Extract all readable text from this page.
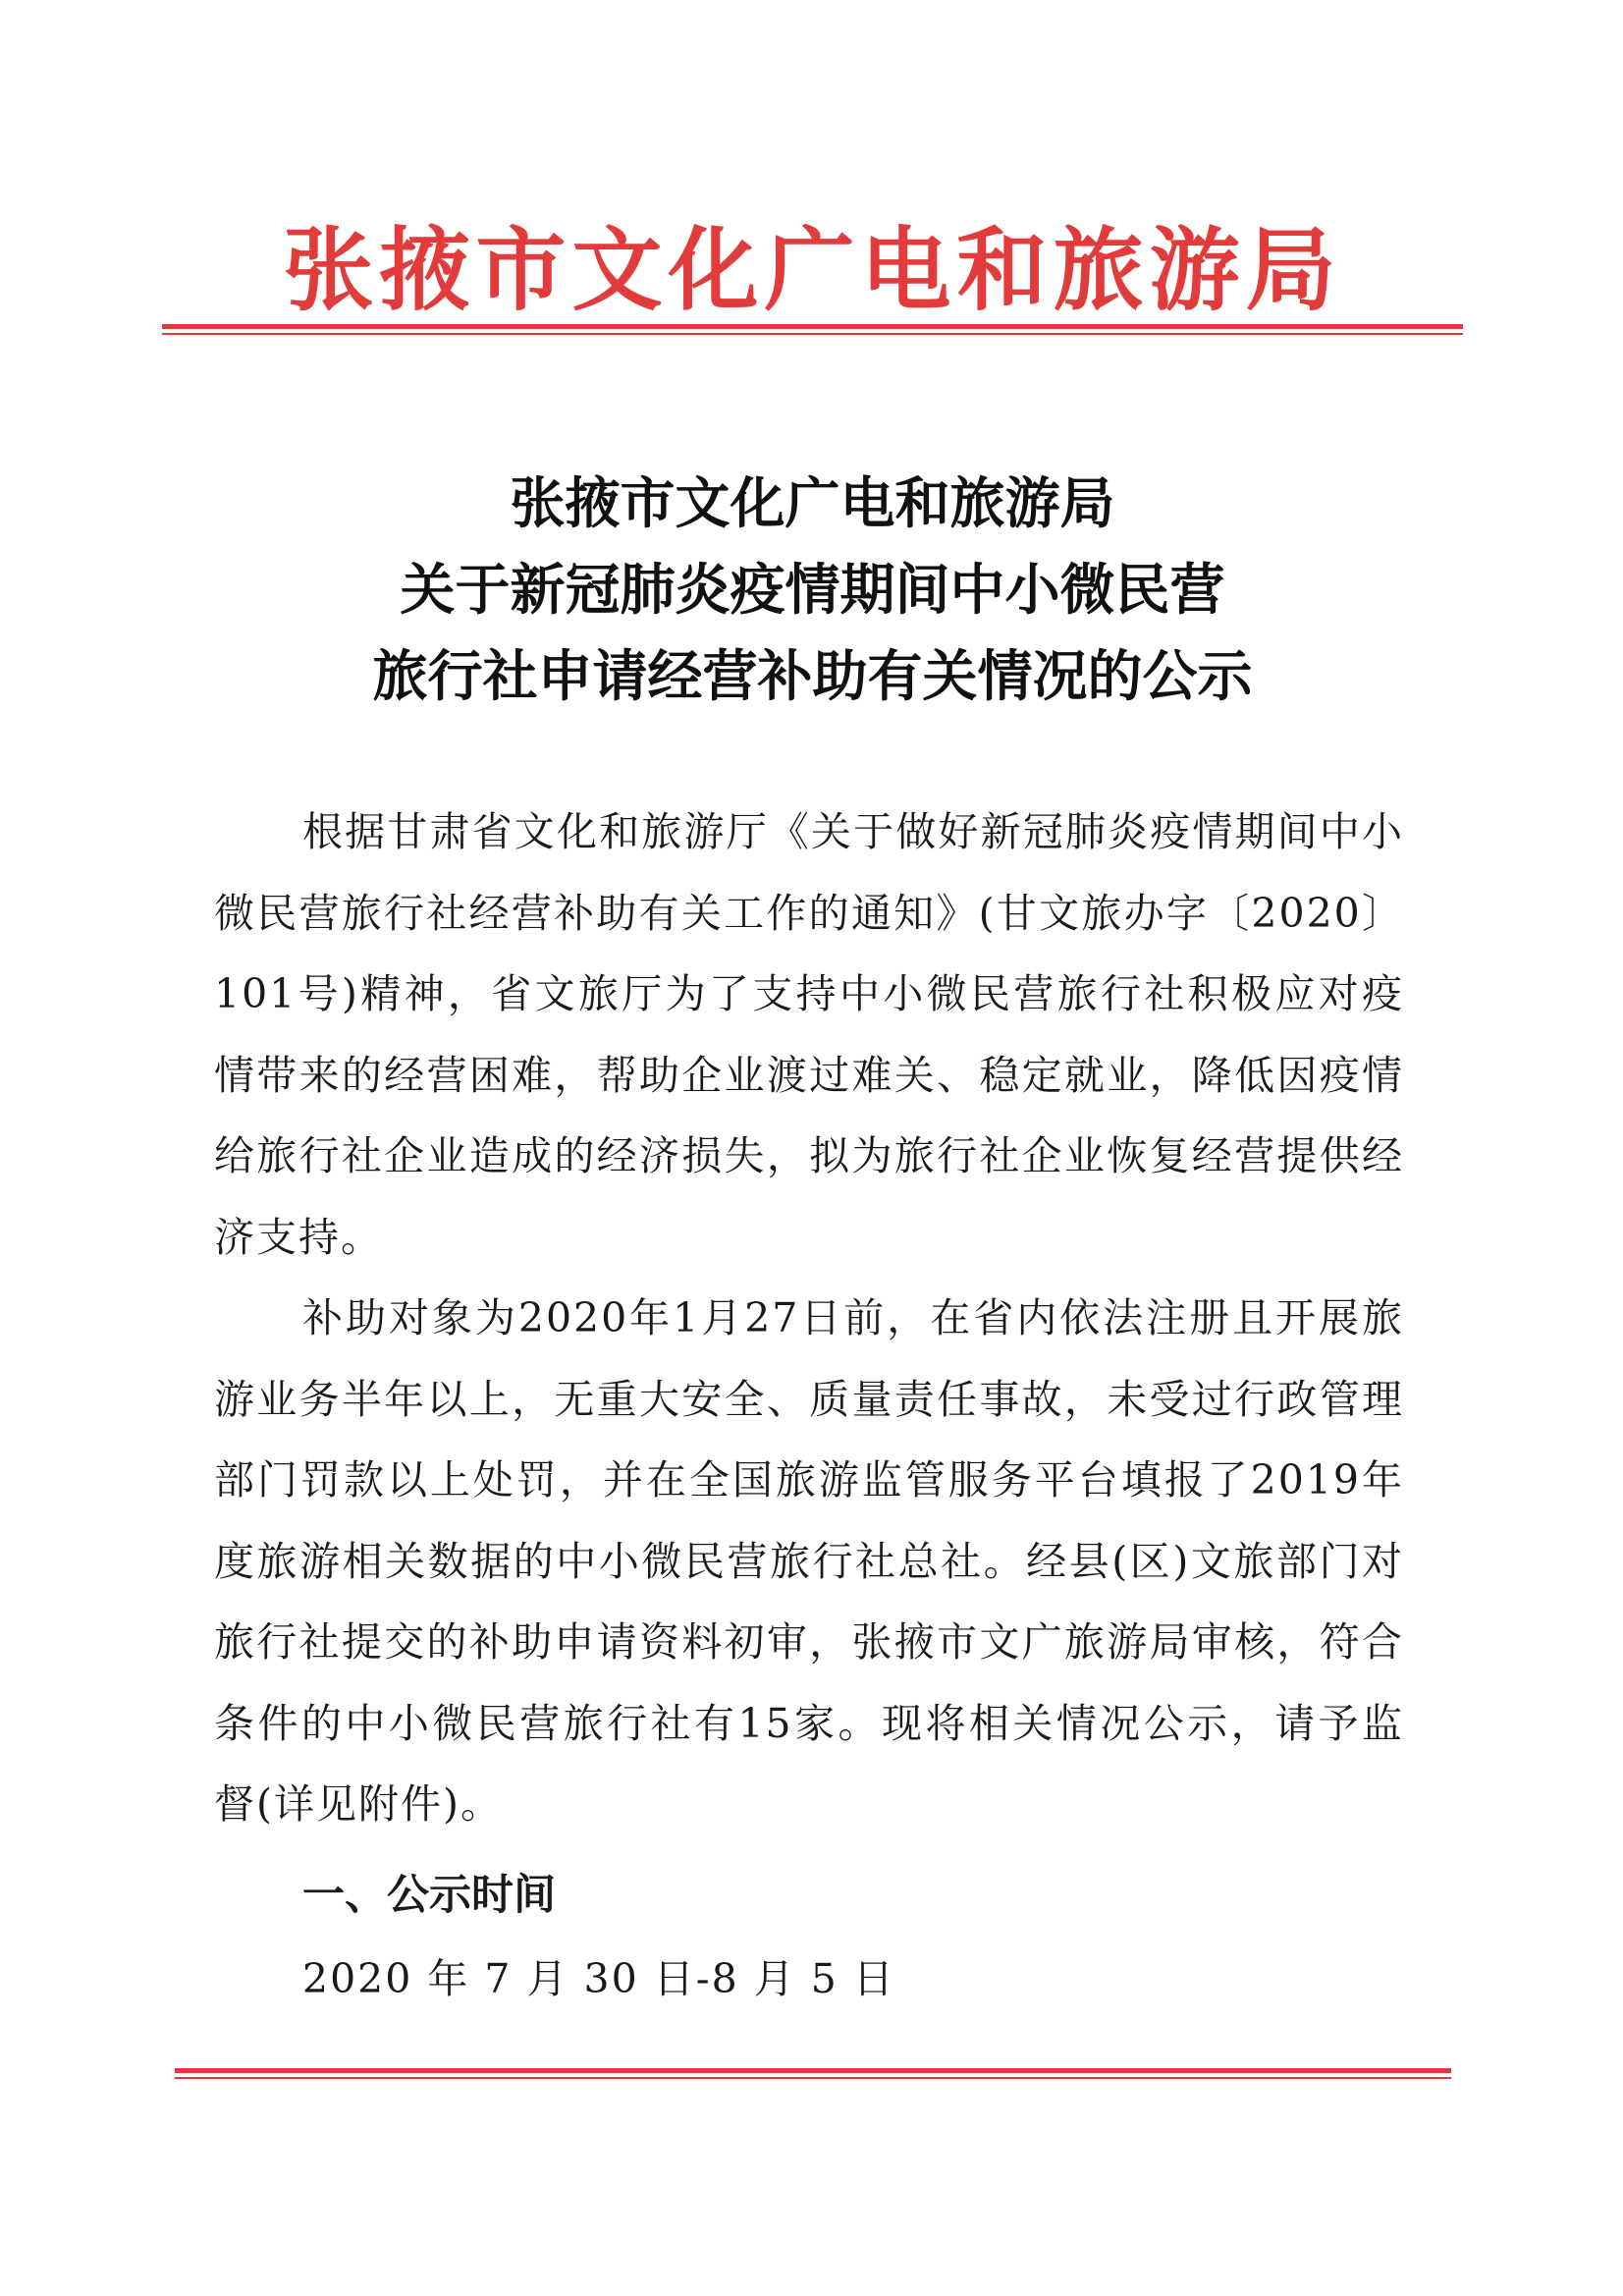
张掖市文化广电和旅游局
张掖市文化广电和旅游局
关于新冠肺炎疫情期间中小微民营
旅行社申请经营补助有关情况的公示

根据甘肃省文化和旅游厅《关于做好新冠肺炎疫情期间中小微民营旅行社经营补助有关工作的通知》(甘文旅办字〔2020〕101号)精神，省文旅厅为了支持中小微民营旅行社积极应对疫情带来的经营困难，帮助企业渡过难关、稳定就业，降低因疫情给旅行社企业造成的经济损失，拟为旅行社企业恢复经营提供经济支持。

补助对象为2020年1月27日前，在省内依法注册且开展旅游业务半年以上，无重大安全、质量责任事故，未受过行政管理部门罚款以上处罚，并在全国旅游监管服务平台填报了2019年度旅游相关数据的中小微民营旅行社总社。经县(区)文旅部门对旅行社提交的补助申请资料初审，张掖市文广旅游局审核，符合条件的中小微民营旅行社有15家。现将相关情况公示，请予监督(详见附件)。

一、公示时间
2020 年 7 月 30 日-8 月 5 日
